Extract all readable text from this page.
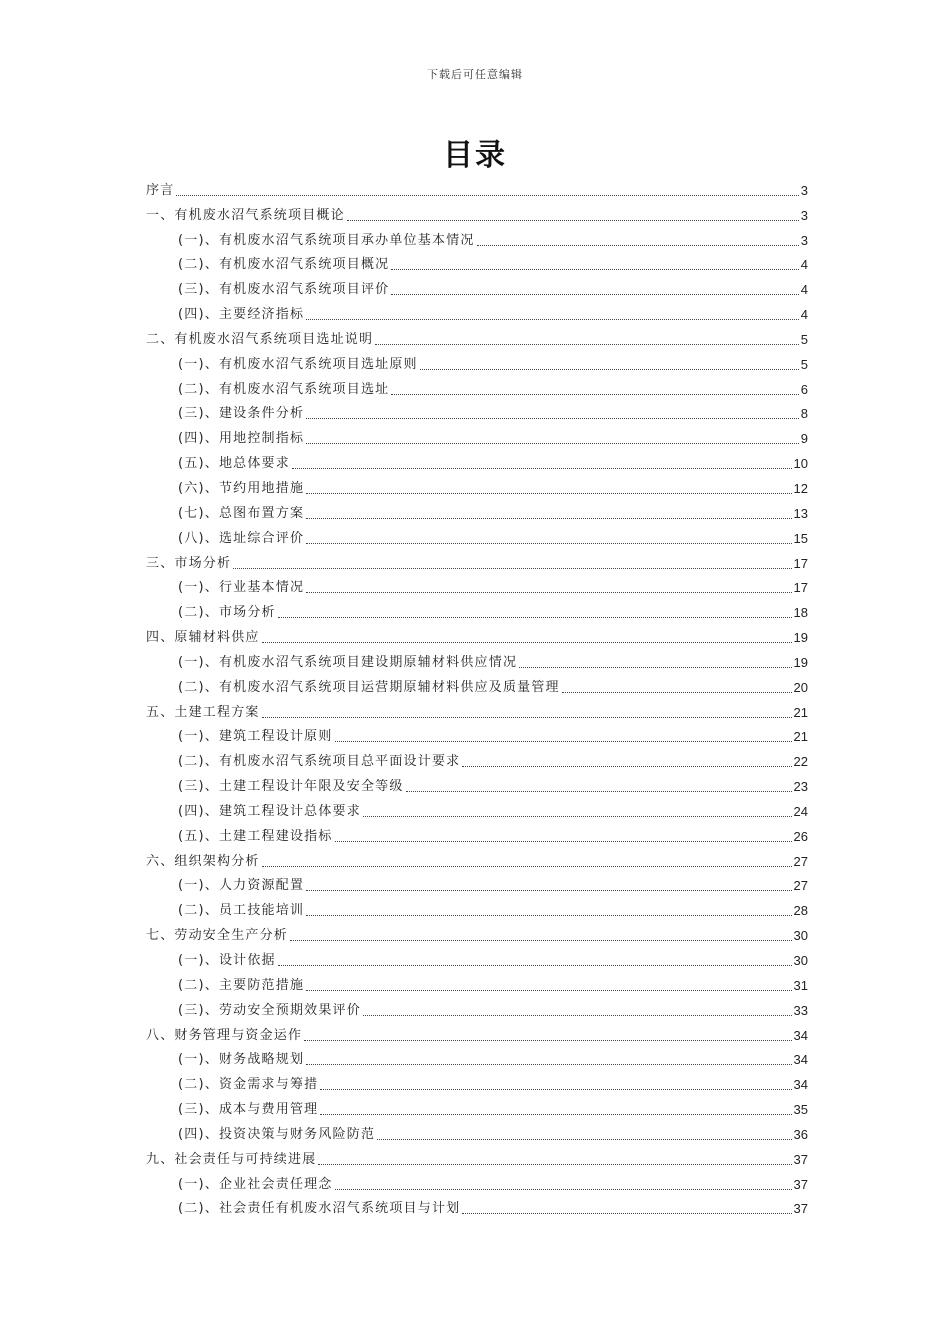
下载后可任意编辑
目录
序言	3
一、有机废水沼气系统项目概论	3
(一)、有机废水沼气系统项目承办单位基本情况	3
(二)、有机废水沼气系统项目概况	4
(三)、有机废水沼气系统项目评价	4
(四)、主要经济指标	4
二、有机废水沼气系统项目选址说明	5
(一)、有机废水沼气系统项目选址原则	5
(二)、有机废水沼气系统项目选址	6
(三)、建设条件分析	8
(四)、用地控制指标	9
(五)、地总体要求	10
(六)、节约用地措施	12
(七)、总图布置方案	13
(八)、选址综合评价	15
三、市场分析	17
(一)、行业基本情况	17
(二)、市场分析	18
四、原辅材料供应	19
(一)、有机废水沼气系统项目建设期原辅材料供应情况	19
(二)、有机废水沼气系统项目运营期原辅材料供应及质量管理	20
五、土建工程方案	21
(一)、建筑工程设计原则	21
(二)、有机废水沼气系统项目总平面设计要求	22
(三)、土建工程设计年限及安全等级	23
(四)、建筑工程设计总体要求	24
(五)、土建工程建设指标	26
六、组织架构分析	27
(一)、人力资源配置	27
(二)、员工技能培训	28
七、劳动安全生产分析	30
(一)、设计依据	30
(二)、主要防范措施	31
(三)、劳动安全预期效果评价	33
八、财务管理与资金运作	34
(一)、财务战略规划	34
(二)、资金需求与筹措	34
(三)、成本与费用管理	35
(四)、投资决策与财务风险防范	36
九、社会责任与可持续进展	37
(一)、企业社会责任理念	37
(二)、社会责任有机废水沼气系统项目与计划	37
